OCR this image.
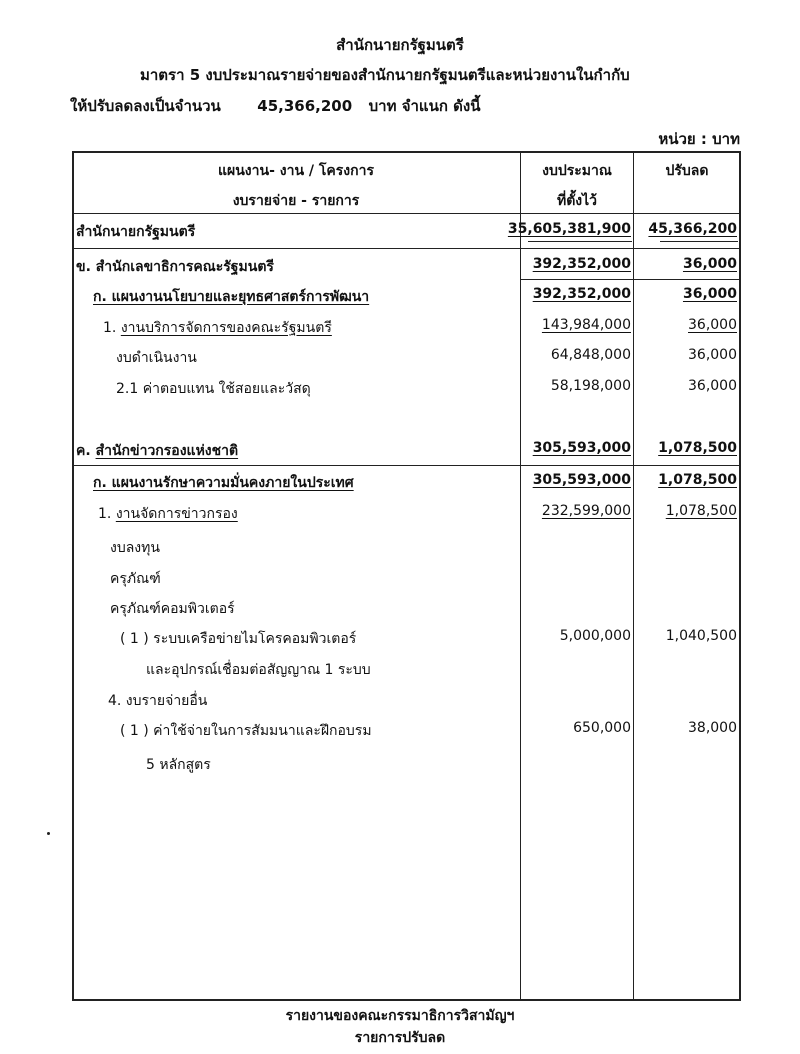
สำนักนายกรัฐมนตรี
มาตรา 5 งบประมาณรายจ่ายของสำนักนายกรัฐมนตรีและหน่วยงานในกำกับ
ให้ปรับลดลงเป็นจำนวน 45,366,200 บาท จำแนก ดังนี้
หน่วย : บาท
แผนงาน- งาน / โครงการ
งบรายจ่าย - รายการ
งบประมาณ
ที่ตั้งไว้
ปรับลด
สำนักนายกรัฐมนตรี	35,605,381,900 45,366,200
ข. สำนักเลขาธิการคณะรัฐมนตรี	392,352,000	36,000
ก. แผนงานนโยบายและยุทธศาสตร์การพัฒนา	392,352,000	36,000
1. งานบริการจัดการของคณะรัฐมนตรี	143,984,000	36,000
งบดำเนินงาน	64,848,000	36,000
2.1 ค่าตอบแทน ใช้สอยและวัสดุ	58,198,000	36,000
ค. สำนักข่าวกรองแห่งชาติ	305,593,000 1,078,500
ก. แผนงานรักษาความมั่นคงภายในประเทศ	305,593,000 1,078,500
1. งานจัดการข่าวกรอง	232,599,000 1,078,500
งบลงทุน
ครุภัณฑ์
ครุภัณฑ์คอมพิวเตอร์
( 1 ) ระบบเครือข่ายไมโครคอมพิวเตอร์	5,000,000 1,040,500
และอุปกรณ์เชื่อมต่อสัญญาณ 1 ระบบ
4. งบรายจ่ายอื่น
( 1 ) ค่าใช้จ่ายในการสัมมนาและฝึกอบรม	650,000	38,000
5 หลักสูตร
รายงานของคณะกรรมาธิการวิสามัญฯ
รายการปรับลด
